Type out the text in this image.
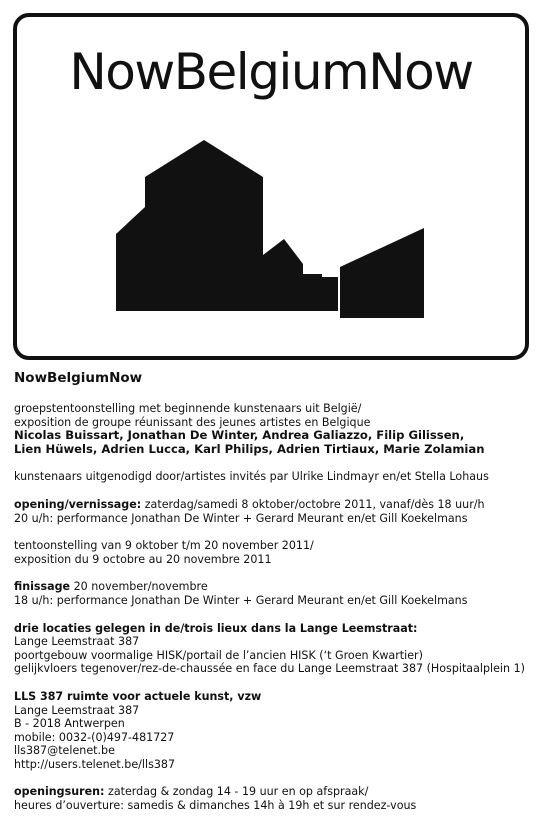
NowBelgiumNow
NowBelgiumNow
groepstentoonstelling met beginnende kunstenaars uit België/
exposition de groupe réunissant des jeunes artistes en Belgique
Nicolas Buissart, Jonathan De Winter, Andrea Galiazzo, Filip Gilissen,
Lien Hüwels, Adrien Lucca, Karl Philips, Adrien Tirtiaux, Marie Zolamian
kunstenaars uitgenodigd door/artistes invités par Ulrike Lindmayr en/et Stella Lohaus
opening/vernissage: zaterdag/samedi 8 oktober/octobre 2011, vanaf/dès 18 uur/h
20 u/h: performance Jonathan De Winter + Gerard Meurant en/et Gill Koekelmans
tentoonstelling van 9 oktober t/m 20 november 2011/
exposition du 9 octobre au 20 novembre 2011
finissage 20 november/novembre
18 u/h: performance Jonathan De Winter + Gerard Meurant en/et Gill Koekelmans
drie locaties gelegen in de/trois lieux dans la Lange Leemstraat:
Lange Leemstraat 387
poortgebouw voormalige HISK/portail de l’ancien HISK (‘t Groen Kwartier)
gelijkvloers tegenover/rez-de-chaussée en face du Lange Leemstraat 387 (Hospitaalplein 1)
LLS 387 ruimte voor actuele kunst, vzw
Lange Leemstraat 387
B - 2018 Antwerpen
mobile: 0032-(0)497-481727
lls387@telenet.be
http://users.telenet.be/lls387
openingsuren: zaterdag & zondag 14 - 19 uur en op afspraak/
heures d’ouverture: samedis & dimanches 14h à 19h et sur rendez-vous
